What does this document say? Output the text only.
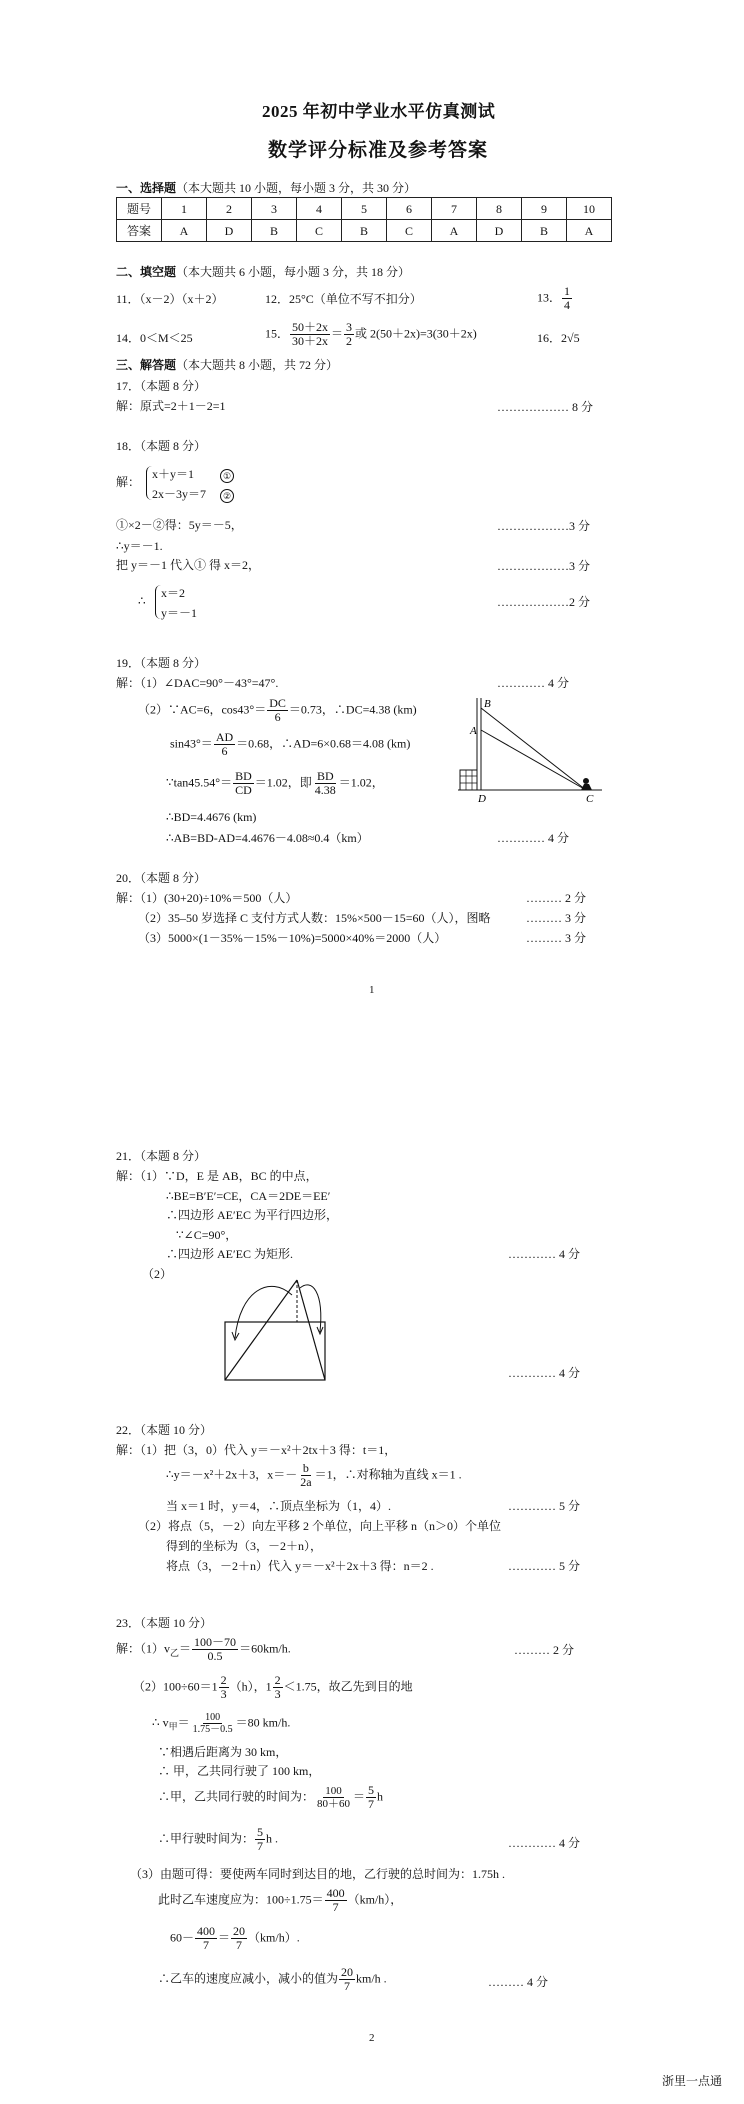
2025 年初中学业水平仿真测试
数学评分标准及参考答案
一、选择题（本大题共 10 小题，每小题 3 分，共 30 分）
题号	1	2	3	4	5	6	7	8	9	10
答案	A	D	B	C	B	C	A	D	B	A
二、填空题（本大题共 6 小题，每小题 3 分，共 18 分）
11．（x－2）（x＋2）	12．25°C（单位不写不扣分）	13． $\frac{1}{4}$
14．0＜M＜25	15． $\frac{50+2x}{30+2x} = \frac{3}{2}$ 或 2(50＋2x)=3(30＋2x)	16．2√5
三、解答题（本大题共 8 小题，共 72 分）
17．（本题 8 分）
解：原式=2＋1－2=1	……………… 8 分
18．（本题 8 分）
解：
x＋y＝1
2x－3y＝7
①
②
①×2－②得：5y＝－5，	………………3 分
∴y＝－1.
把 y＝－1 代入① 得 x＝2，	………………3 分
∴
x＝2
y＝－1
………………2 分
19．（本题 8 分）
解：（1）∠DAC=90°－43°=47°.	………… 4 分
（2）∵AC=6，$\cos 43^\circ= \frac{DC}{6} =0.73$，∴DC=4.38 (km)
$\sin 43^\circ= \frac{AD}{6} =0.68$，∴AD=6×0.68＝4.08 (km)
∵tan45.54°＝ $\frac{BD}{CD} =1.02$，即 $\frac{BD}{4.38} =1.02$，
∴BD=4.4676 (km)
∴AB=BD-AD=4.4676－4.08≈0.4（km）	………… 4 分
B
A
D	C
20．（本题 8 分）
解：（1）(30+20)÷10%＝500（人）	……… 2 分
（2）35–50 岁选择 C 支付方式人数：15%×500－15=60（人），图略	……… 3 分
（3）5000×(1－35%－15%－10%)=5000×40%＝2000（人）	……… 3 分
1
21．（本题 8 分）
解：（1）∵D，E 是 AB，BC 的中点，
∴BE=B′E′=CE，CA＝2DE＝EE′
∴四边形 AE′EC 为平行四边形，
∵∠C=90°，
∴四边形 AE′EC 为矩形.	………… 4 分
（2）
………… 4 分
22．（本题 10 分）
解：（1）把（3，0）代入 y＝－x²＋2tx＋3 得：t＝1，
∴y＝－x²＋2x＋3，$x=- \frac{b}{2a} =1$，∴对称轴为直线 x＝1 .
当 x＝1 时，y＝4，∴顶点坐标为（1，4）.	………… 5 分
（2）将点（5，－2）向左平移 2 个单位，向上平移 n（n＞0）个单位
得到的坐标为（3，－2＋n），
将点（3，－2＋n）代入 y＝－x²＋2x＋3 得：n＝2 .	………… 5 分
23．（本题 10 分）
解：$(1)v_乙= \frac{100-70}{0.5} =60km/h$.	……… 2 分
$(2)100\div 60=1 \frac{2}{3} (h)$，$1 \frac{2}{3} <1.75$，故乙先到目的地
∴ $v_甲= \frac{100}{1.75-0.5} =80$ km/h.
∵相遇后距离为 30 km，
∴ 甲，乙共同行驶了 100 km，
∴甲，乙共同行驶的时间为： $\frac{100}{80+60} = \frac{5}{7}$ h
∴甲行驶时间为： $\frac{5}{7}$ h .	………… 4 分
（3）由题可得：要使两车同时到达目的地，乙行驶的总时间为：1.75h .
此时乙车速度应为：$100\div 1.75= \frac{400}{7} (km/h)$，
$60- \frac{400}{7} = \frac{20}{7} (km/h)$.
∴乙车的速度应减小，减小的值为 $\frac{20}{7} km/h$ .	……… 4 分
2
浙里一点通
